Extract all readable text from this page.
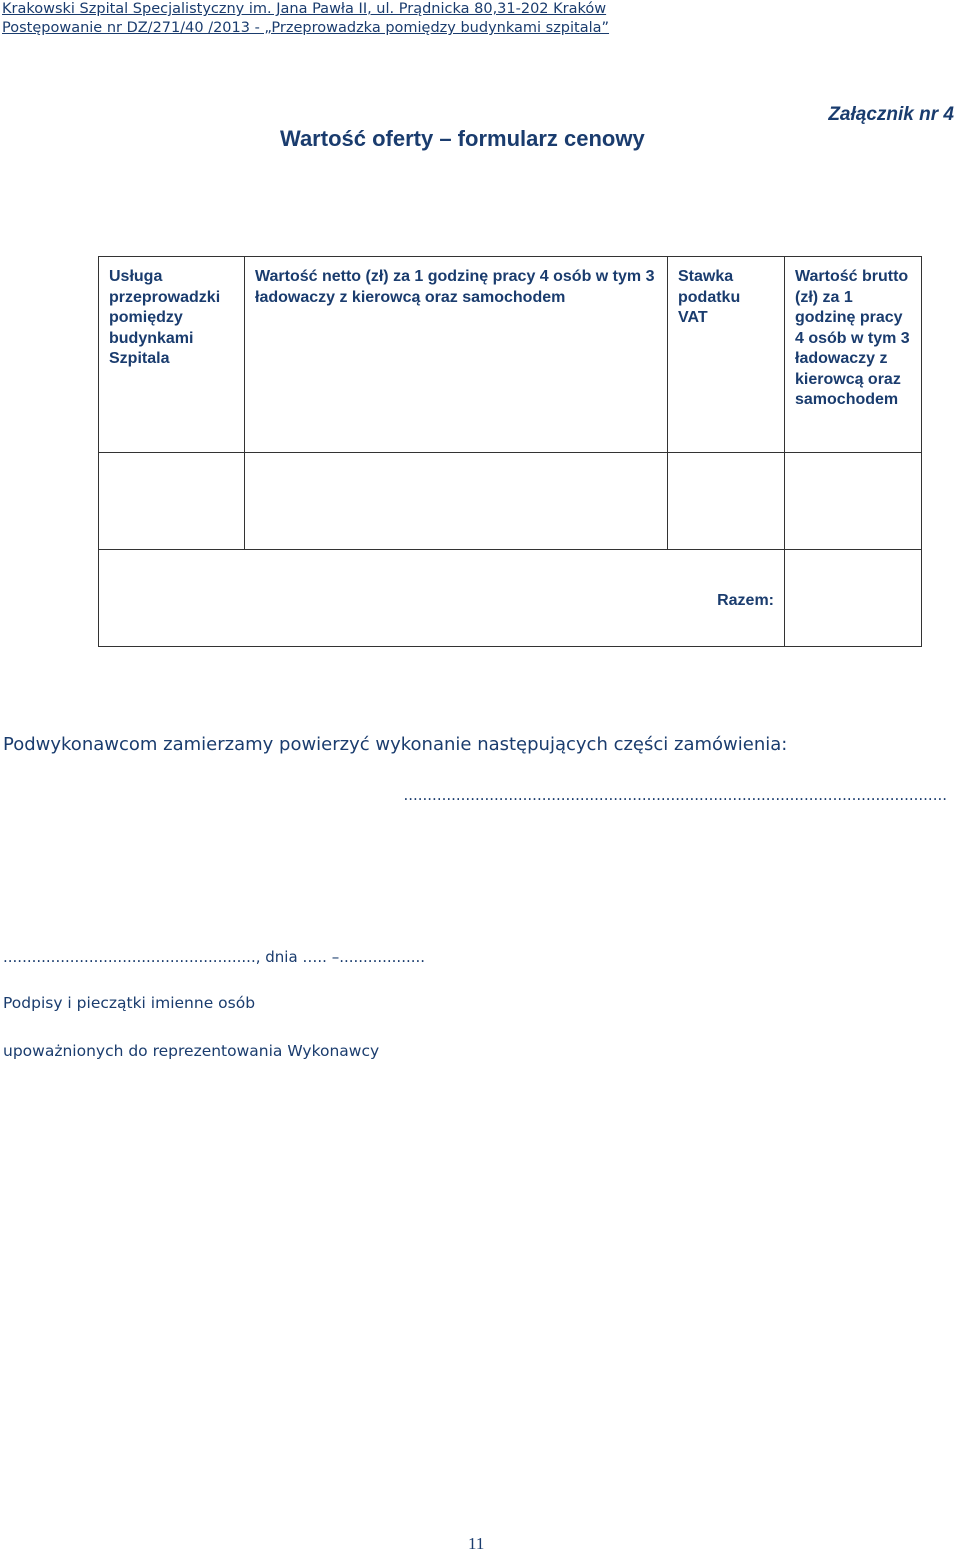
Krakowski Szpital Specjalistyczny im. Jana Pawła II, ul. Prądnicka 80,31-202 Kraków
Postępowanie nr DZ/271/40 /2013 - „Przeprowadzka pomiędzy budynkami szpitala”
Załącznik nr 4
Wartość oferty – formularz cenowy
Usługa przeprowadzki pomiędzy budynkami Szpitala	Wartość netto (zł) za 1 godzinę pracy 4 osób w tym 3 ładowaczy z kierowcą oraz samochodem	Stawka podatku VAT	Wartość brutto (zł) za 1 godzinę pracy 4 osób w tym 3 ładowaczy z kierowcą oraz samochodem

Razem:			
Podwykonawcom zamierzamy powierzyć wykonanie następujących części zamówienia:
..................................................................................................................
....................................................., dnia ….. –..................
Podpisy i pieczątki imienne osób
upoważnionych do reprezentowania Wykonawcy
11
